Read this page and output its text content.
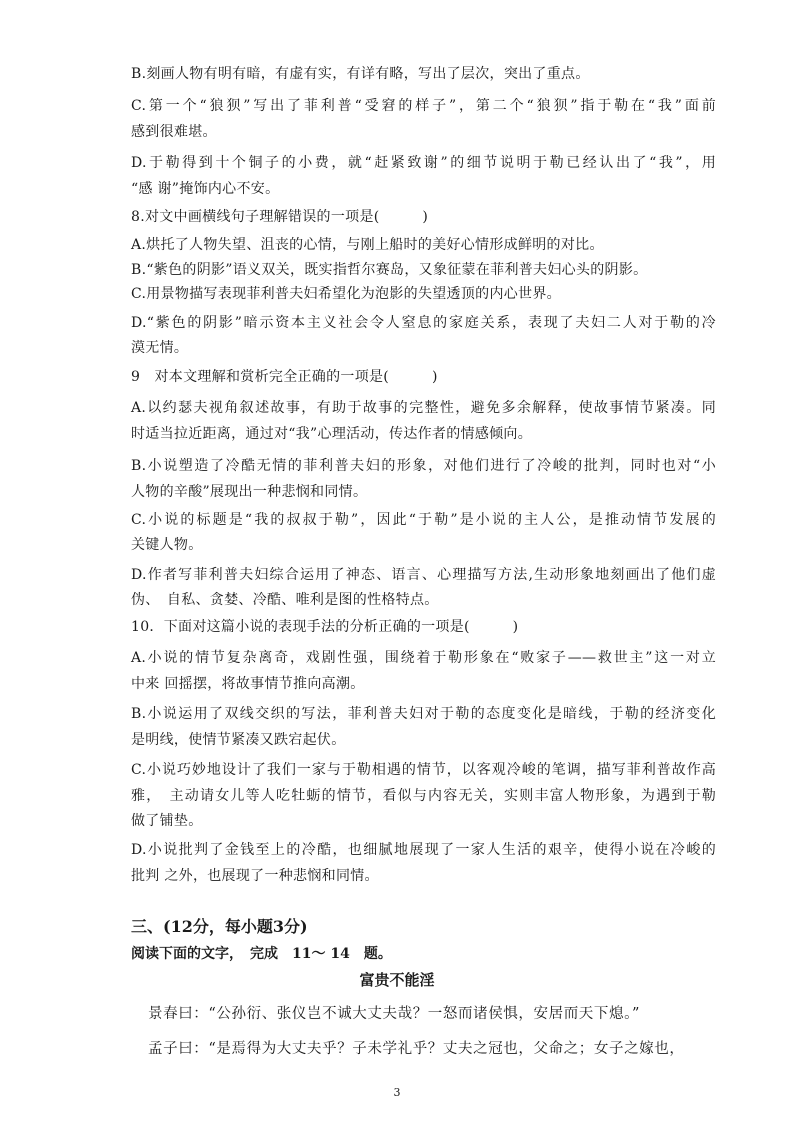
B.刻画人物有明有暗，有虚有实，有详有略，写出了层次，突出了重点。
C.第一个“狼狈”写出了菲利普“受窘的样子”，第二个“狼狈”指于勒在“我”面前
感到很难堪。
D.于勒得到十个铜子的小费，就“赶紧致谢”的细节说明于勒已经认出了“我”，用
“感 谢”掩饰内心不安。
8.对文中画横线句子理解错误的一项是(　　　)
A.烘托了人物失望、沮丧的心情，与刚上船时的美好心情形成鲜明的对比。
B.“紫色的阴影”语义双关，既实指哲尔赛岛，又象征蒙在菲利普夫妇心头的阴影。
C.用景物描写表现菲利普夫妇希望化为泡影的失望透顶的内心世界。
D.“紫色的阴影”暗示资本主义社会令人窒息的家庭关系，表现了夫妇二人对于勒的冷
漠无情。
9　对本文理解和赏析完全正确的一项是(　　　)
A.以约瑟夫视角叙述故事，有助于故事的完整性，避免多余解释，使故事情节紧凑。同
时适当拉近距离，通过对“我”心理活动，传达作者的情感倾向。
B.小说塑造了冷酷无情的菲利普夫妇的形象，对他们进行了冷峻的批判，同时也对“小
人物的辛酸”展现出一种悲悯和同情。
C.小说的标题是“我的叔叔于勒”，因此“于勒”是小说的主人公，是推动情节发展的
关键人物。
D.作者写菲利普夫妇综合运用了神态、语言、心理描写方法,生动形象地刻画出了他们虚
伪、　自私、贪婪、冷酷、唯利是图的性格特点。
10．下面对这篇小说的表现手法的分析正确的一项是(　　　)
A.小说的情节复杂离奇，戏剧性强，围绕着于勒形象在“败家子——救世主”这一对立
中来 回摇摆，将故事情节推向高潮。
B.小说运用了双线交织的写法，菲利普夫妇对于勒的态度变化是暗线，于勒的经济变化
是明线，使情节紧凑又跌宕起伏。
C.小说巧妙地设计了我们一家与于勒相遇的情节，以客观冷峻的笔调，描写菲利普故作高
雅，　主动请女儿等人吃牡蛎的情节，看似与内容无关，实则丰富人物形象，为遇到于勒
做了铺垫。
D.小说批判了金钱至上的冷酷，也细腻地展现了一家人生活的艰辛，使得小说在冷峻的
批判 之外，也展现了一种悲悯和同情。
三、(12分，每小题3分)
阅读下面的文字，　完成　11～ 14　题。
富贵不能淫
景春曰：“公孙衍、张仪岂不诚大丈夫哉？一怒而诸侯惧，安居而天下熄。”
孟子曰：“是焉得为大丈夫乎？子未学礼乎？丈夫之冠也，父命之；女子之嫁也，
3
